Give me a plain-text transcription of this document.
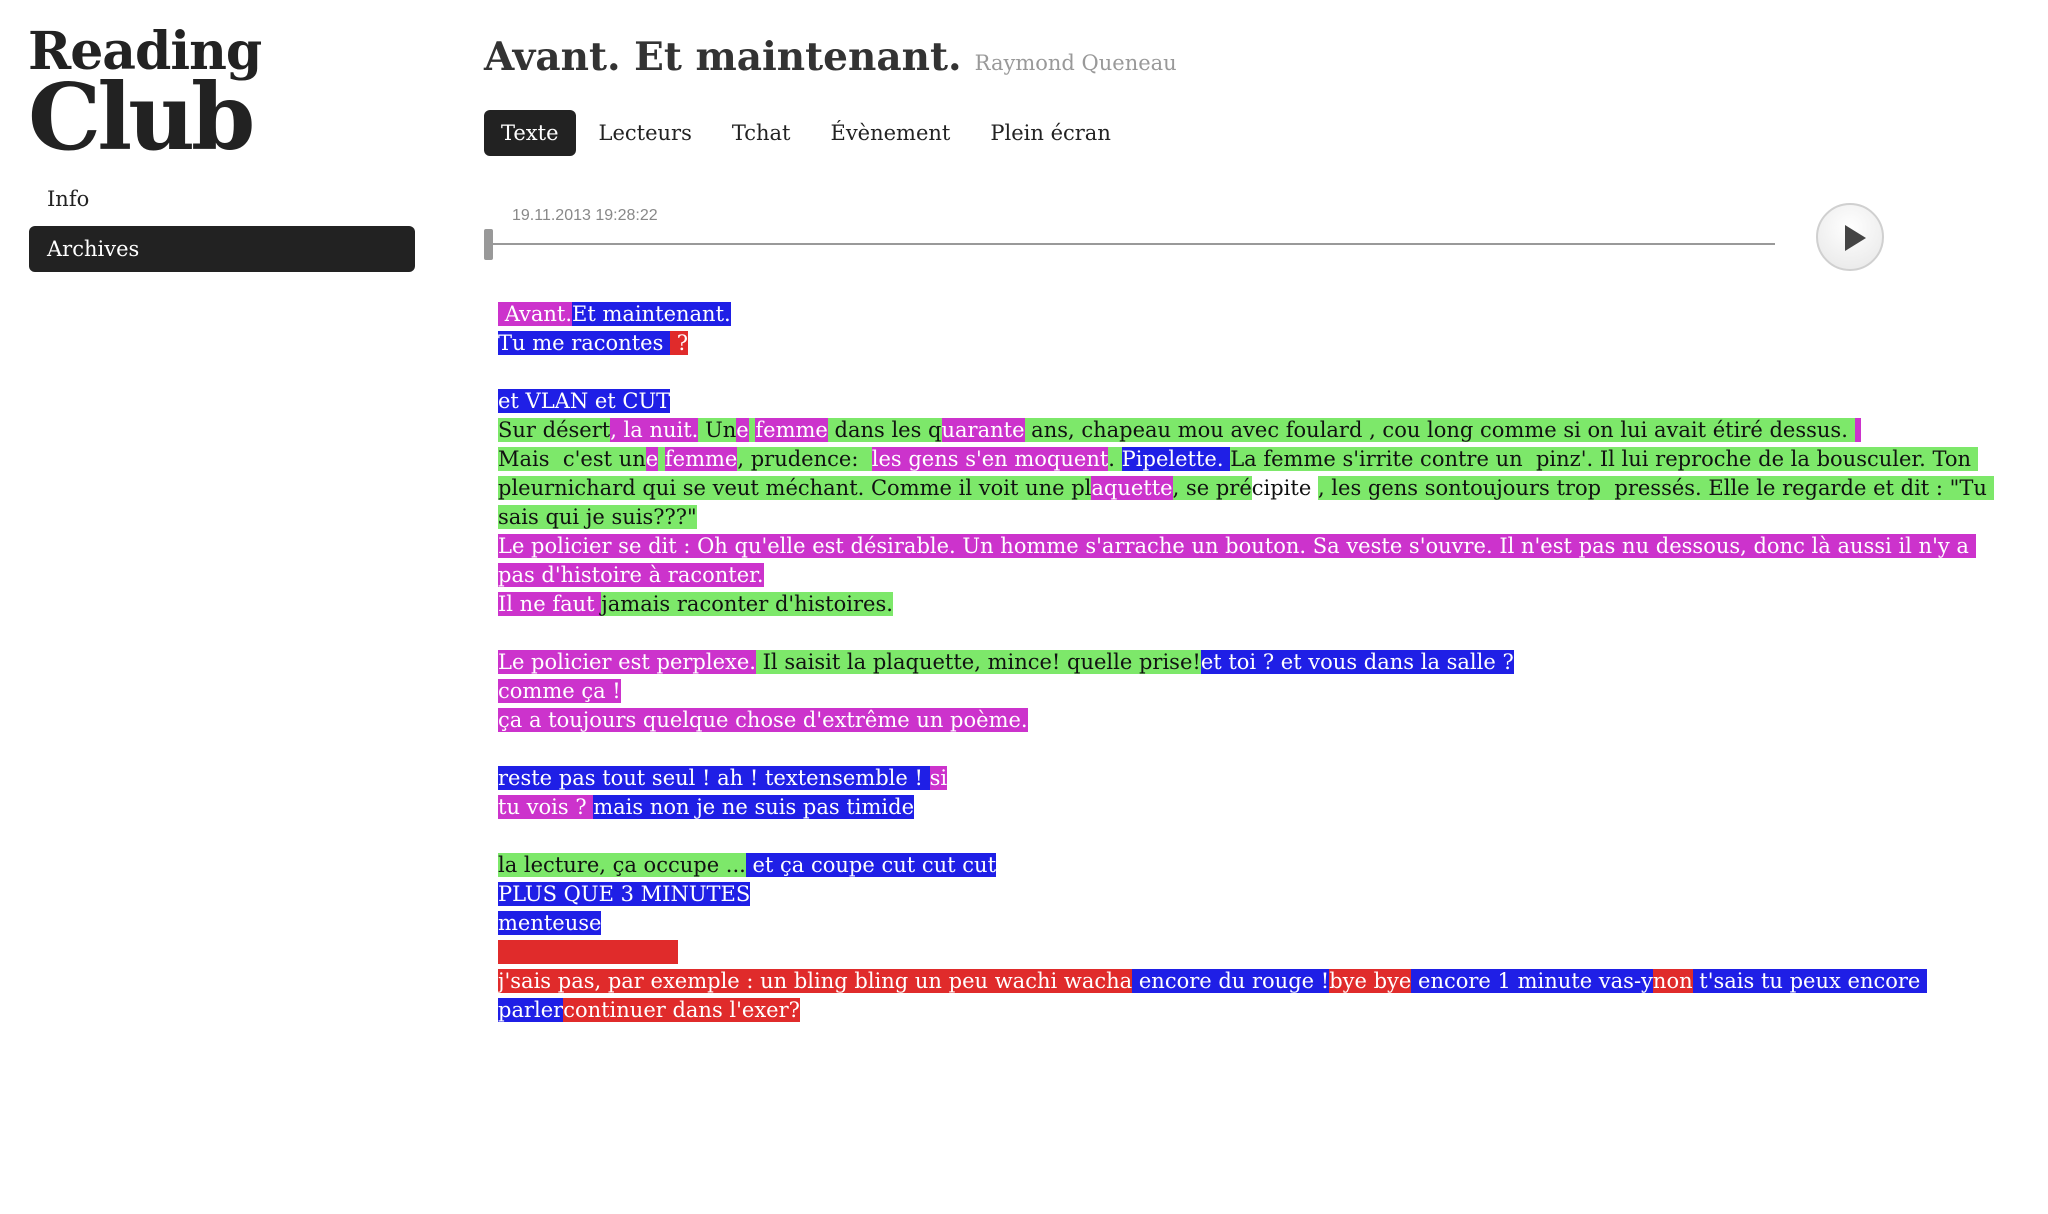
Reading
Club
Info
Archives
Avant. Et maintenant. Raymond Queneau
Texte	Lecteurs	Tchat	Évènement	Plein écran
19.11.2013 19:28:22
Avant.Et maintenant.
Tu me racontes  ?
et VLAN et CUT
Sur désert, la nuit. Une femme dans les quarante ans, chapeau mou avec foulard , cou long comme si on lui avait étiré dessus.
Mais  c'est une femme, prudence:  les gens s'en moquent. Pipelette. La femme s'irrite contre un  pinz'. Il lui reproche de la bousculer. Ton pleurnichard qui se veut méchant. Comme il voit une plaquette, se précipite , les gens sontoujours trop  pressés. Elle le regarde et dit : "Tu sais qui je suis???"
Le policier se dit : Oh qu'elle est désirable. Un homme s'arrache un bouton. Sa veste s'ouvre. Il n'est pas nu dessous, donc là aussi il n'y a pas d'histoire à raconter.
Il ne faut jamais raconter d'histoires.
Le policier est perplexe. Il saisit la plaquette, mince! quelle prise!et toi ? et vous dans la salle ?
comme ça !
ça a toujours quelque chose d'extrême un poème.
reste pas tout seul ! ah ! textensemble ! si
tu vois ? mais non je ne suis pas timide
la lecture, ça occupe ... et ça coupe cut cut cut
PLUS QUE 3 MINUTES
menteuse

j'sais pas, par exemple : un bling bling un peu wachi wacha encore du rouge !bye bye encore 1 minute vas-ynon t'sais tu peux encore parlercontinuer dans l'exer?
